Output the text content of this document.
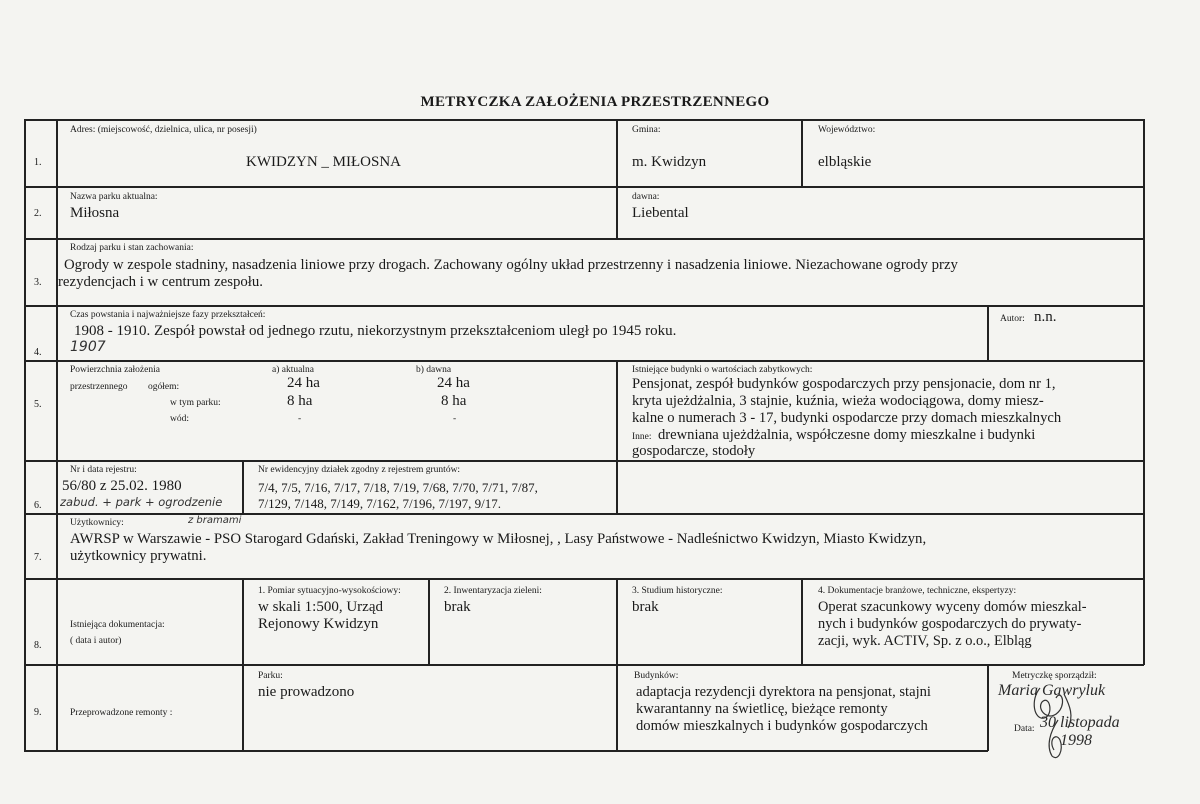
METRYCZKA ZAŁOŻENIA PRZESTRZENNEGO
1.
2.
3.
4.
5.
6.
7.
8.
9.
Adres: (miejscowość, dzielnica, ulica, nr posesji)
KWIDZYN _ MIŁOSNA
Gmina:
m. Kwidzyn
Województwo:
elbląskie
Nazwa parku aktualna:
Miłosna
dawna:
Liebental
Rodzaj parku i stan zachowania:
Ogrody w zespole stadniny, nasadzenia liniowe przy drogach. Zachowany ogólny układ przestrzenny i nasadzenia liniowe. Niezachowane ogrody przy
rezydencjach i w centrum zespołu.
Czas powstania i najważniejsze fazy przekształceń:
1908 - 1910. Zespół powstał od jednego rzutu, niekorzystnym przekształceniom uległ po 1945 roku.
1907
Autor: n.n.
Powierzchnia założenia
przestrzennego ogółem:
w tym parku:
wód:
a) aktualna	b) dawna
24 ha
8 ha
-
24 ha
8 ha
-
Istniejące budynki o wartościach zabytkowych:
Pensjonat, zespół budynków gospodarczych przy pensjonacie, dom nr 1,
kryta ujeżdżalnia, 3 stajnie, kuźnia, wieża wodociągowa, domy miesz-
kalne o numerach 3 - 17, budynki ospodarcze przy domach mieszkalnych
Inne: drewniana ujeżdżalnia, współczesne domy mieszkalne i budynki
gospodarcze, stodoły
Nr i data rejestru:
56/80 z 25.02. 1980
zabud. + park + ogrodzenie
z bramami
Nr ewidencyjny działek zgodny z rejestrem gruntów:
7/4, 7/5, 7/16, 7/17, 7/18, 7/19, 7/68, 7/70, 7/71, 7/87,
7/129, 7/148, 7/149, 7/162, 7/196, 7/197, 9/17.
Użytkownicy:
AWRSP w Warszawie - PSO Starogard Gdański, Zakład Treningowy w Miłosnej, , Lasy Państwowe - Nadleśnictwo Kwidzyn, Miasto Kwidzyn,
użytkownicy prywatni.
Istniejąca dokumentacja:
( data i autor)
1. Pomiar sytuacyjno-wysokościowy:
w skali 1:500, Urząd
Rejonowy Kwidzyn
2. Inwentaryzacja zieleni:
brak
3. Studium historyczne:
brak
4. Dokumentacje branżowe, techniczne, ekspertyzy:
Operat szacunkowy wyceny domów mieszkal-
nych i budynków gospodarczych do prywaty-
zacji, wyk. ACTIV, Sp. z o.o., Elbląg
Przeprowadzone remonty :
Parku:
nie prowadzono
Budynków:
adaptacja rezydencji dyrektora na pensjonat, stajni
kwarantanny na świetlicę, bieżące remonty
domów mieszkalnych i budynków gospodarczych
Metryczkę sporządził:
Maria Gawryluk
Data: 30 listopada
1998
